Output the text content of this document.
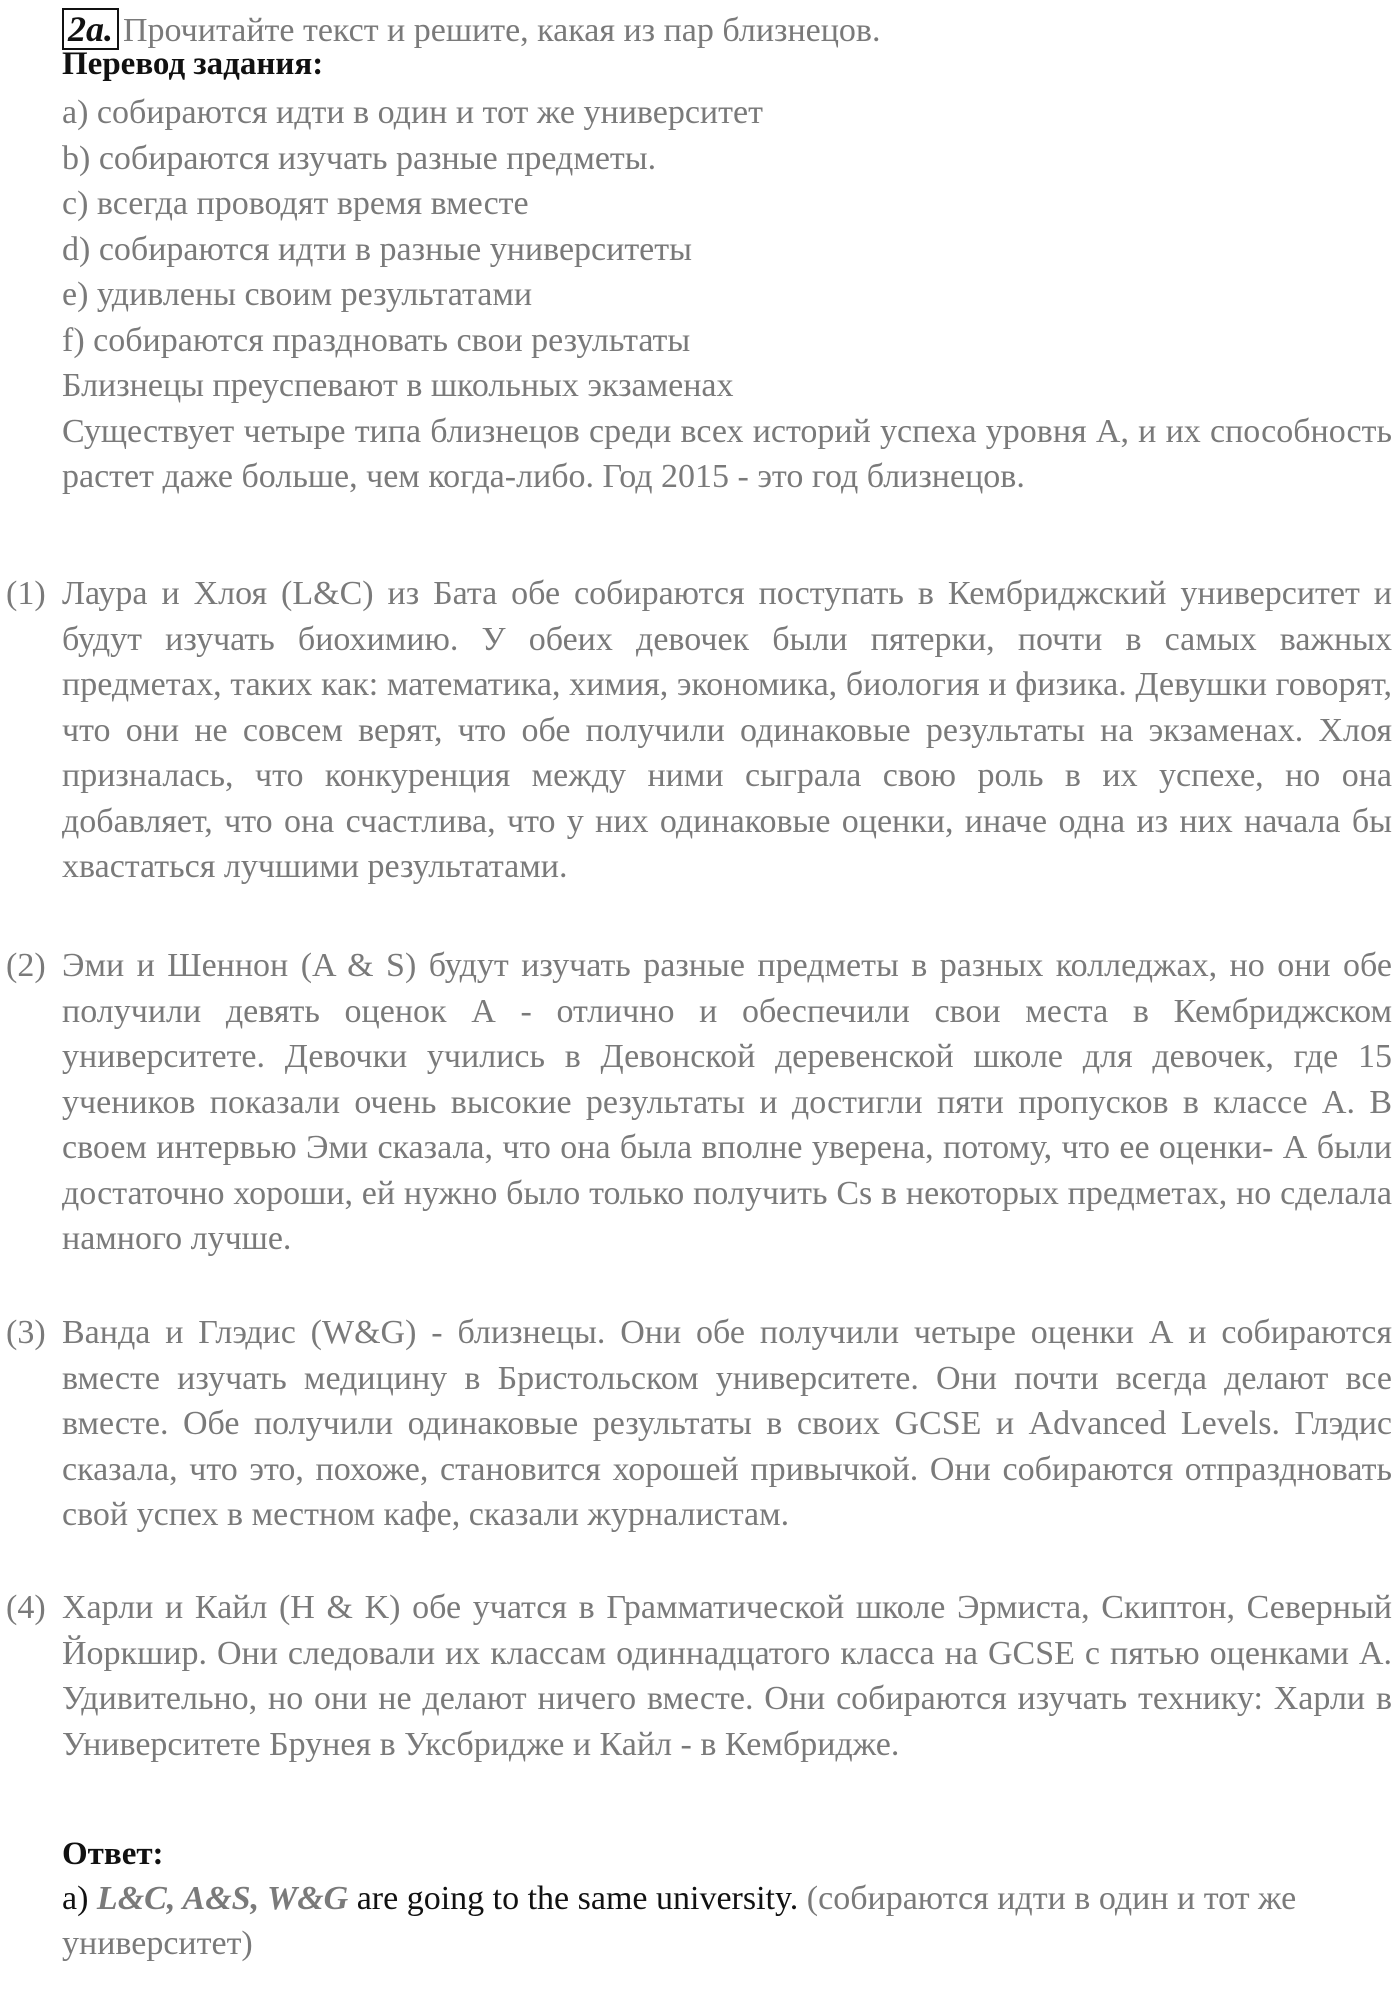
2a. Прочитайте текст и решите, какая из пар близнецов.
Перевод задания:
a) собираются идти в один и тот же университет
b) собираются изучать разные предметы.
c) всегда проводят время вместе
d) собираются идти в разные университеты
e) удивлены своим результатами
f) собираются праздновать свои результаты
Близнецы преуспевают в школьных экзаменах
Существует четыре типа близнецов среди всех историй успеха уровня А, и их способность растет даже больше, чем когда-либо. Год 2015 - это год близнецов.
(1) Лаура и Хлоя (L&C) из Бата обе собираются поступать в Кембриджский университет и будут изучать биохимию. У обеих девочек были пятерки, почти в самых важных предметах, таких как: математика, химия, экономика, биология и физика. Девушки говорят, что они не совсем верят, что обе получили одинаковые результаты на экзаменах. Хлоя призналась, что конкуренция между ними сыграла свою роль в их успехе, но она добавляет, что она счастлива, что у них одинаковые оценки, иначе одна из них начала бы хвастаться лучшими результатами.
(2) Эми и Шеннон (A & S) будут изучать разные предметы в разных колледжах, но они обе получили девять оценок А - отлично и обеспечили свои места в Кембриджском университете. Девочки учились в Девонской деревенской школе для девочек, где 15 учеников показали очень высокие результаты и достигли пяти пропусков в классе А. В своем интервью Эми сказала, что она была вполне уверена, потому, что ее оценки- А были достаточно хороши, ей нужно было только получить Cs в некоторых предметах, но сделала намного лучше.
(3) Ванда и Глэдис (W&G) - близнецы. Они обе получили четыре оценки А и собираются вместе изучать медицину в Бристольском университете. Они почти всегда делают все вместе. Обе получили одинаковые результаты в своих GCSE и Advanced Levels. Глэдис сказала, что это, похоже, становится хорошей привычкой. Они собираются отпраздновать свой успех в местном кафе, сказали журналистам.
(4) Харли и Кайл (H & K) обе учатся в Грамматической школе Эрмиста, Скиптон, Северный Йоркшир. Они следовали их классам одиннадцатого класса на GCSE с пятью оценками А. Удивительно, но они не делают ничего вместе. Они собираются изучать технику: Харли в Университете Брунея в Уксбридже и Кайл - в Кембридже.
Ответ:
a) L&C, A&S, W&G are going to the same university. (собираются идти в один и тот же университет)
